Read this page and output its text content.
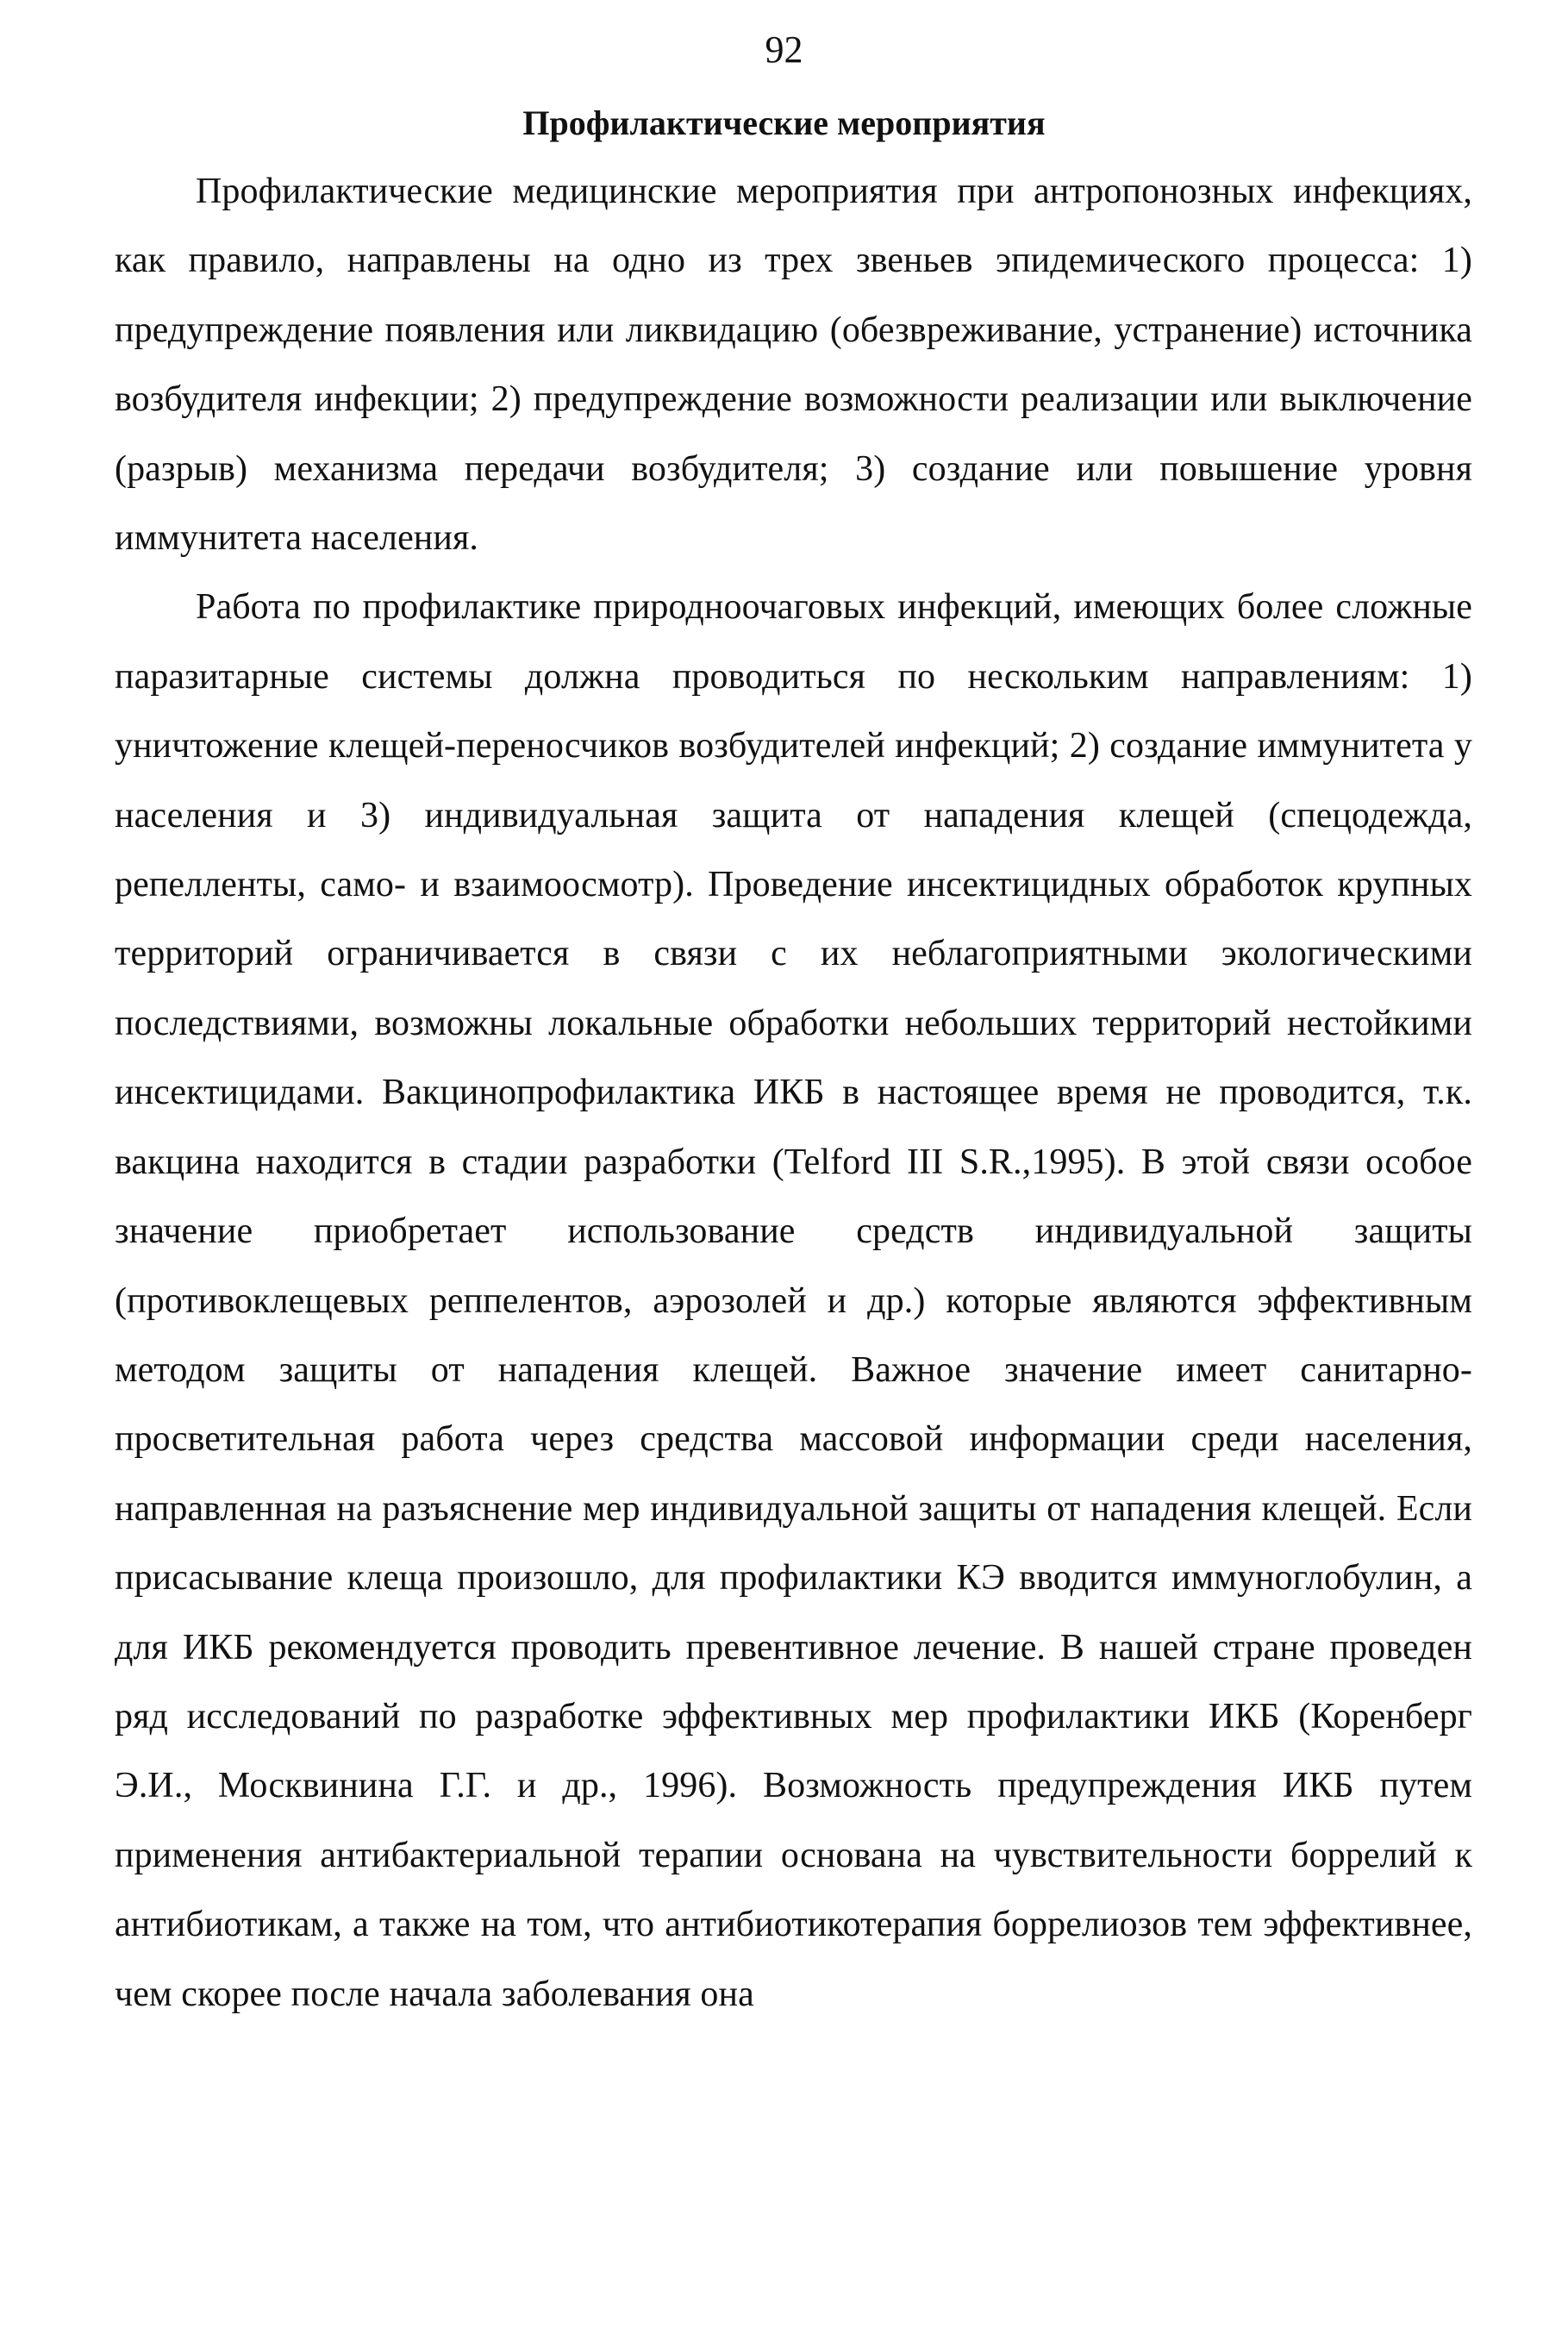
92
Профилактические мероприятия

Профилактические медицинские мероприятия при антропонозных инфекциях, как правило, направлены на одно из трех звеньев эпидемического процесса: 1) предупреждение появления или ликвидацию (обезвреживание, устранение) источника возбудителя инфекции; 2) предупреждение возможности реализации или выключение (разрыв) механизма передачи возбудителя; 3) создание или повышение уровня иммунитета населения.

Работа по профилактике природноочаговых инфекций, имеющих более сложные паразитарные системы должна проводиться по нескольким направлениям: 1) уничтожение клещей-переносчиков возбудителей инфекций; 2) создание иммунитета у населения и 3) индивидуальная защита от нападения клещей (спецодежда, репелленты, само- и взаимоосмотр). Проведение инсектицидных обработок крупных территорий ограничивается в связи с их неблагоприятными экологическими последствиями, возможны локальные обработки небольших территорий нестойкими инсектицидами. Вакцинопрофилактика ИКБ в настоящее время не проводится, т.к. вакцина находится в стадии разработки (Telford III S.R.,1995). В этой связи особое значение приобретает использование средств индивидуальной защиты (противоклещевых реппелентов, аэрозолей и др.) которые являются эффективным методом защиты от нападения клещей. Важное значение имеет санитарно-просветительная работа через средства массовой информации среди населения, направленная на разъяснение мер индивидуальной защиты от нападения клещей. Если присасывание клеща произошло, для профилактики КЭ вводится иммуноглобулин, а для ИКБ рекомендуется проводить превентивное лечение. В нашей стране проведен ряд исследований по разработке эффективных мер профилактики ИКБ (Коренберг Э.И., Москвинина Г.Г. и др., 1996). Возможность предупреждения ИКБ путем применения антибактериальной терапии основана на чувствительности боррелий к антибиотикам, а также на том, что антибиотикотерапия боррелиозов тем эффективнее, чем скорее после начала заболевания она
